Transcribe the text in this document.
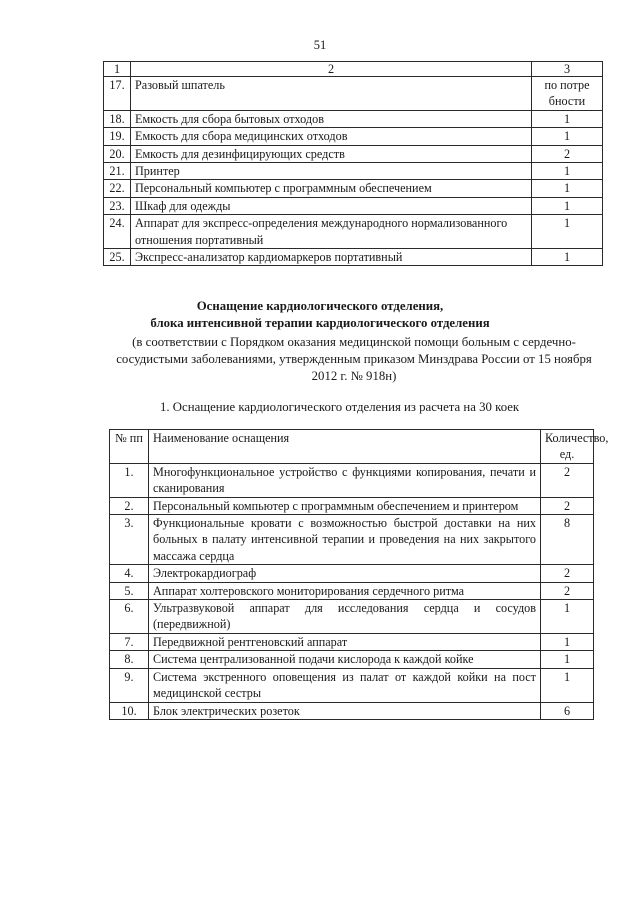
51
1	2	3
17.	Разовый шпатель	по потребности

18.	Емкость для сбора бытовых отходов	1
19.	Емкость для сбора медицинских отходов	1
20.	Емкость для дезинфицирующих средств	2
21.	Принтер	1
22.	Персональный компьютер с программным обеспечением	1
23.	Шкаф для одежды	1
24.	Аппарат для экспресс-определения международного нормализованного отношения портативный	1
25.	Экспресс-анализатор кардиомаркеров портативный	1
Оснащение кардиологического отделения,
блока интенсивной терапии кардиологического отделения
(в соответствии с Порядком оказания медицинской помощи больным с сердечно-сосудистыми заболеваниями, утвержденным приказом Минздрава России от 15 ноября 2012 г. № 918н)
1. Оснащение кардиологического отделения из расчета на 30 коек
№ пп	Наименование оснащения	Количество, ед.
1.	Многофункциональное устройство с функциями копирования, печати и сканирования	2
2.	Персональный компьютер с программным обеспечением и принтером	2
3.	Функциональные кровати с возможностью быстрой доставки на них больных в палату интенсивной терапии и проведения на них закрытого массажа сердца	8
4.	Электрокардиограф	2
5.	Аппарат холтеровского мониторирования сердечного ритма	2
6.	Ультразвуковой аппарат для исследования сердца и сосудов (передвижной)	1
7.	Передвижной рентгеновский аппарат	1
8.	Система централизованной подачи кислорода к каждой койке	1
9.	Система экстренного оповещения из палат от каждой койки на пост медицинской сестры	1
10.	Блок электрических розеток	6
